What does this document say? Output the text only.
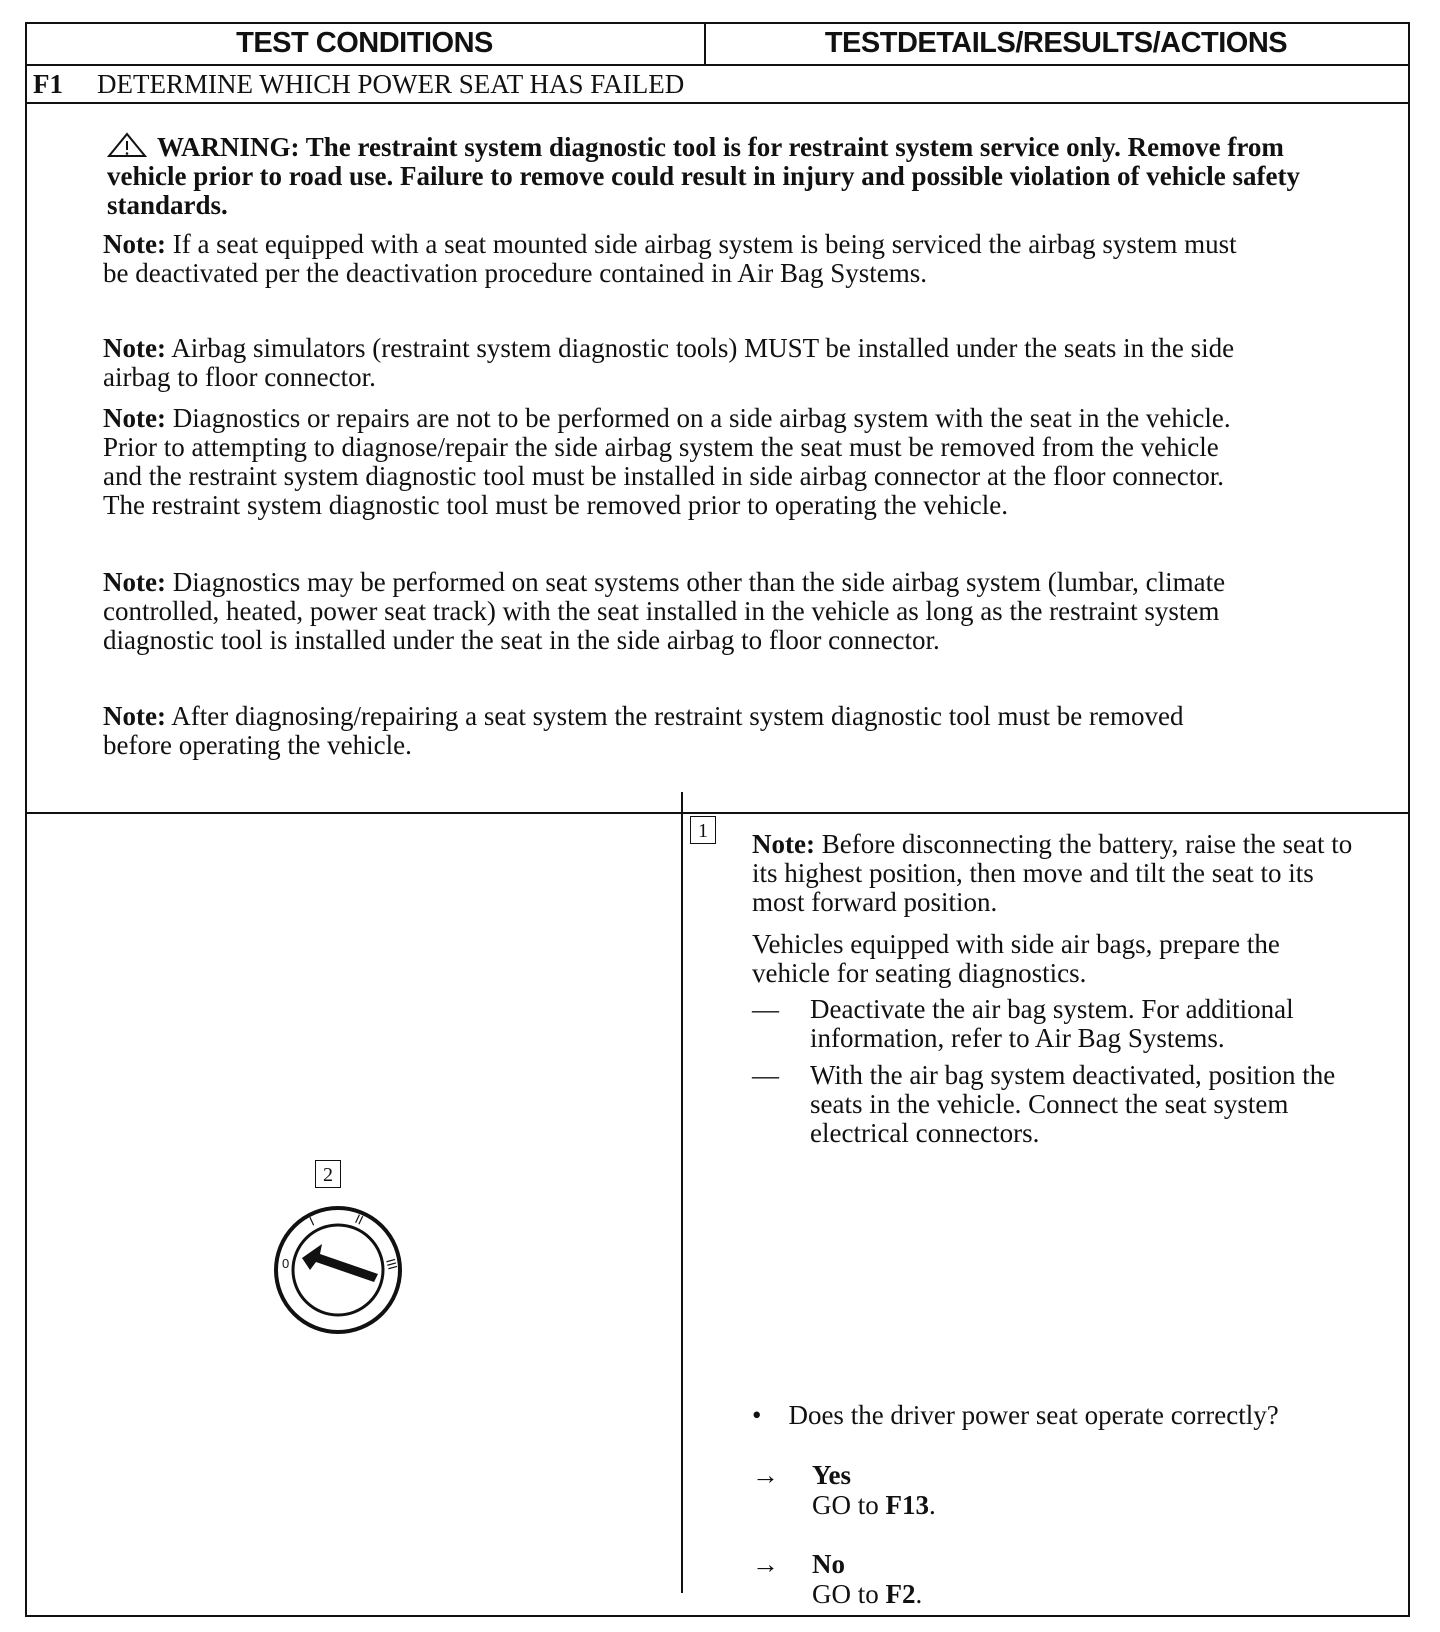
TEST CONDITIONS	TESTDETAILS/RESULTS/ACTIONS
F1 DETERMINE WHICH POWER SEAT HAS FAILED
WARNING: The restraint system diagnostic tool is for restraint system service only. Remove from vehicle prior to road use. Failure to remove could result in injury and possible violation of vehicle safety standards.
Note: If a seat equipped with a seat mounted side airbag system is being serviced the airbag system must be deactivated per the deactivation procedure contained in Air Bag Systems.
Note: Airbag simulators (restraint system diagnostic tools) MUST be installed under the seats in the side airbag to floor connector.
Note: Diagnostics or repairs are not to be performed on a side airbag system with the seat in the vehicle. Prior to attempting to diagnose/repair the side airbag system the seat must be removed from the vehicle and the restraint system diagnostic tool must be installed in side airbag connector at the floor connector. The restraint system diagnostic tool must be removed prior to operating the vehicle.
Note: Diagnostics may be performed on seat systems other than the side airbag system (lumbar, climate controlled, heated, power seat track) with the seat installed in the vehicle as long as the restraint system diagnostic tool is installed under the seat in the side airbag to floor connector.
Note: After diagnosing/repairing a seat system the restraint system diagnostic tool must be removed before operating the vehicle.
2
0
I	II
III
1 Note: Before disconnecting the battery, raise the seat to its highest position, then move and tilt the seat to its most forward position.
Vehicles equipped with side air bags, prepare the vehicle for seating diagnostics.
— Deactivate the air bag system. For additional information, refer to Air Bag Systems.
— With the air bag system deactivated, position the seats in the vehicle. Connect the seat system electrical connectors.
• Does the driver power seat operate correctly?
→ Yes
GO to F13.
→ No
GO to F2.
